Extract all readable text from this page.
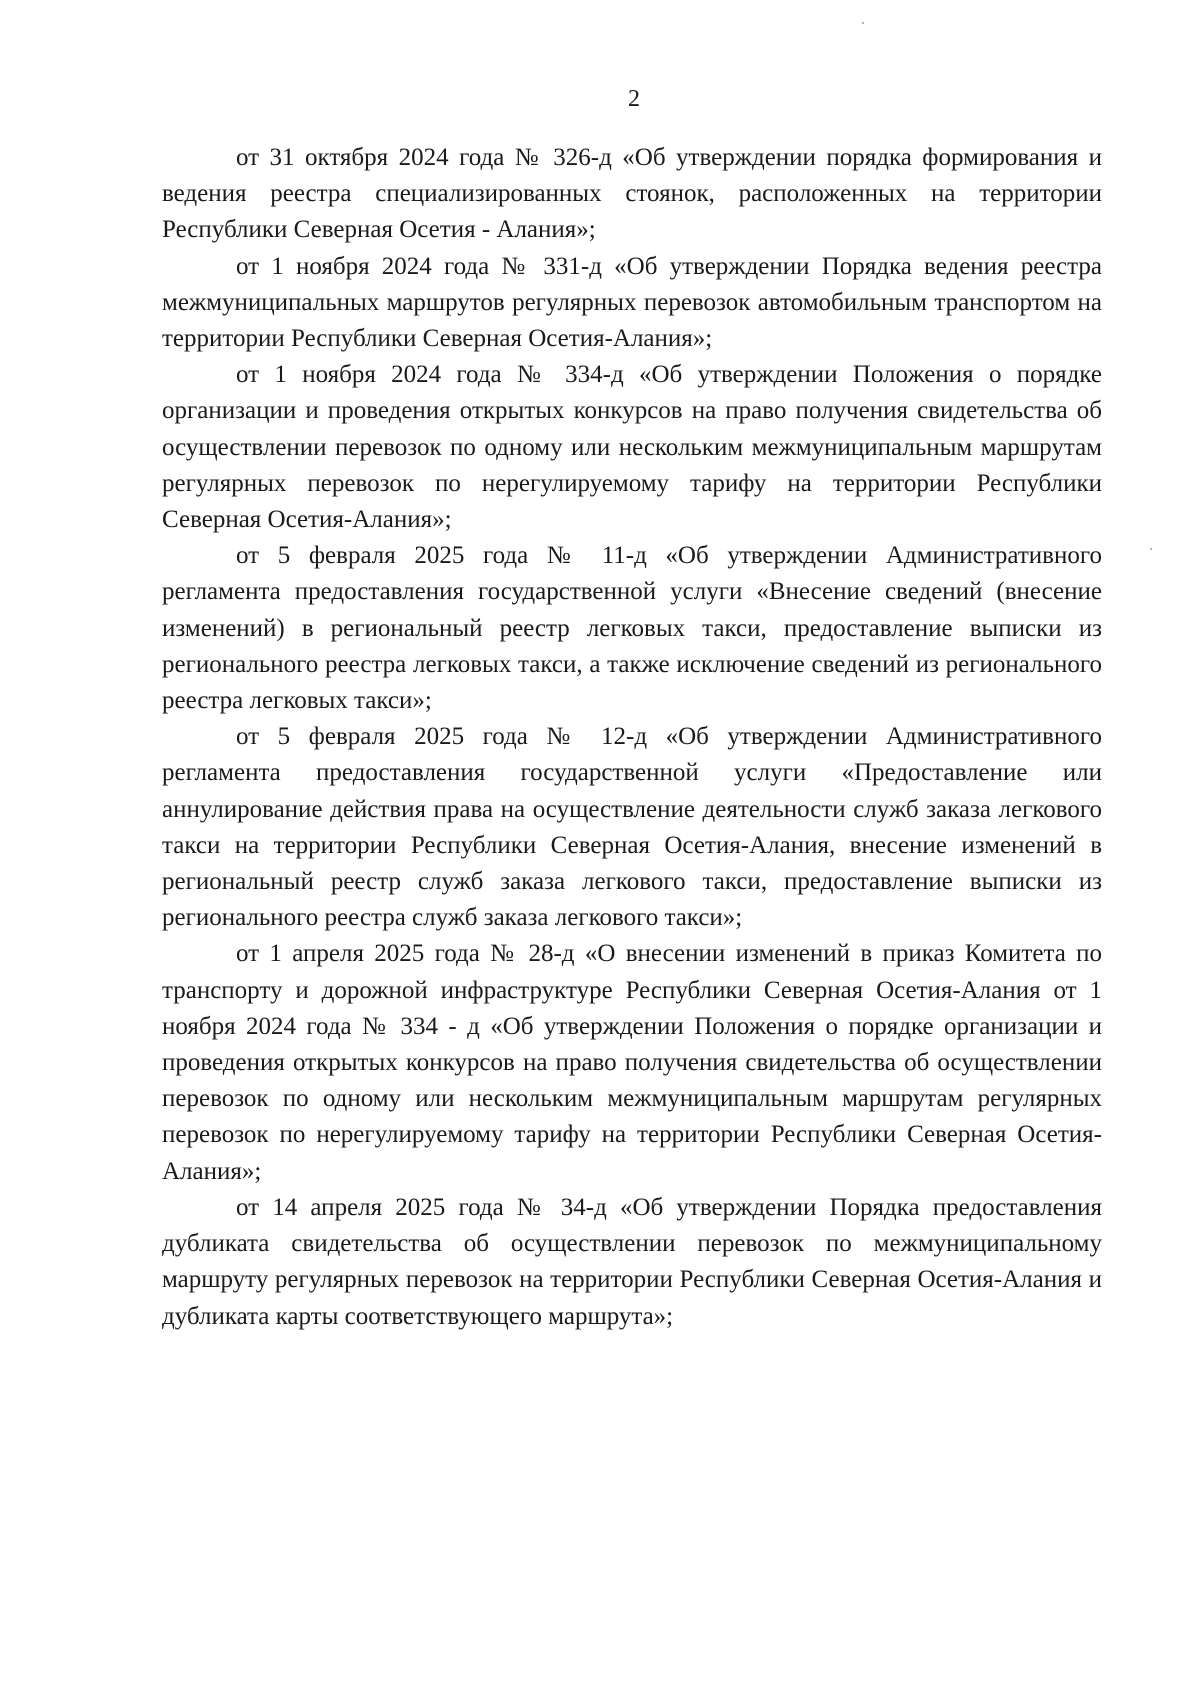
2

от 31 октября 2024 года № 326-д «Об утверждении порядка формирования и ведения реестра специализированных стоянок, расположенных на территории Республики Северная Осетия - Алания»;

от 1 ноября 2024 года № 331-д «Об утверждении Порядка ведения реестра межмуниципальных маршрутов регулярных перевозок автомобильным транспортом на территории Республики Северная Осетия-Алания»;

от 1 ноября 2024 года № 334-д «Об утверждении Положения о порядке организации и проведения открытых конкурсов на право получения свидетельства об осуществлении перевозок по одному или нескольким межмуниципальным маршрутам регулярных перевозок по нерегулируемому тарифу на территории Республики Северная Осетия-Алания»;

от 5 февраля 2025 года № 11-д «Об утверждении Административного регламента предоставления государственной услуги «Внесение сведений (внесение изменений) в региональный реестр легковых такси, предоставление выписки из регионального реестра легковых такси, а также исключение сведений из регионального реестра легковых такси»;

от 5 февраля 2025 года № 12-д «Об утверждении Административного регламента предоставления государственной услуги «Предоставление или аннулирование действия права на осуществление деятельности служб заказа легкового такси на территории Республики Северная Осетия-Алания, внесение изменений в региональный реестр служб заказа легкового такси, предоставление выписки из регионального реестра служб заказа легкового такси»;

от 1 апреля 2025 года № 28-д «О внесении изменений в приказ Комитета по транспорту и дорожной инфраструктуре Республики Северная Осетия-Алания от 1 ноября 2024 года № 334 - д «Об утверждении Положения о порядке организации и проведения открытых конкурсов на право получения свидетельства об осуществлении перевозок по одному или нескольким межмуниципальным маршрутам регулярных перевозок по нерегулируемому тарифу на территории Республики Северная Осетия-Алания»;

от 14 апреля 2025 года № 34-д «Об утверждении Порядка предоставления дубликата свидетельства об осуществлении перевозок по межмуниципальному маршруту регулярных перевозок на территории Республики Северная Осетия-Алания и дубликата карты соответствующего маршрута»;
